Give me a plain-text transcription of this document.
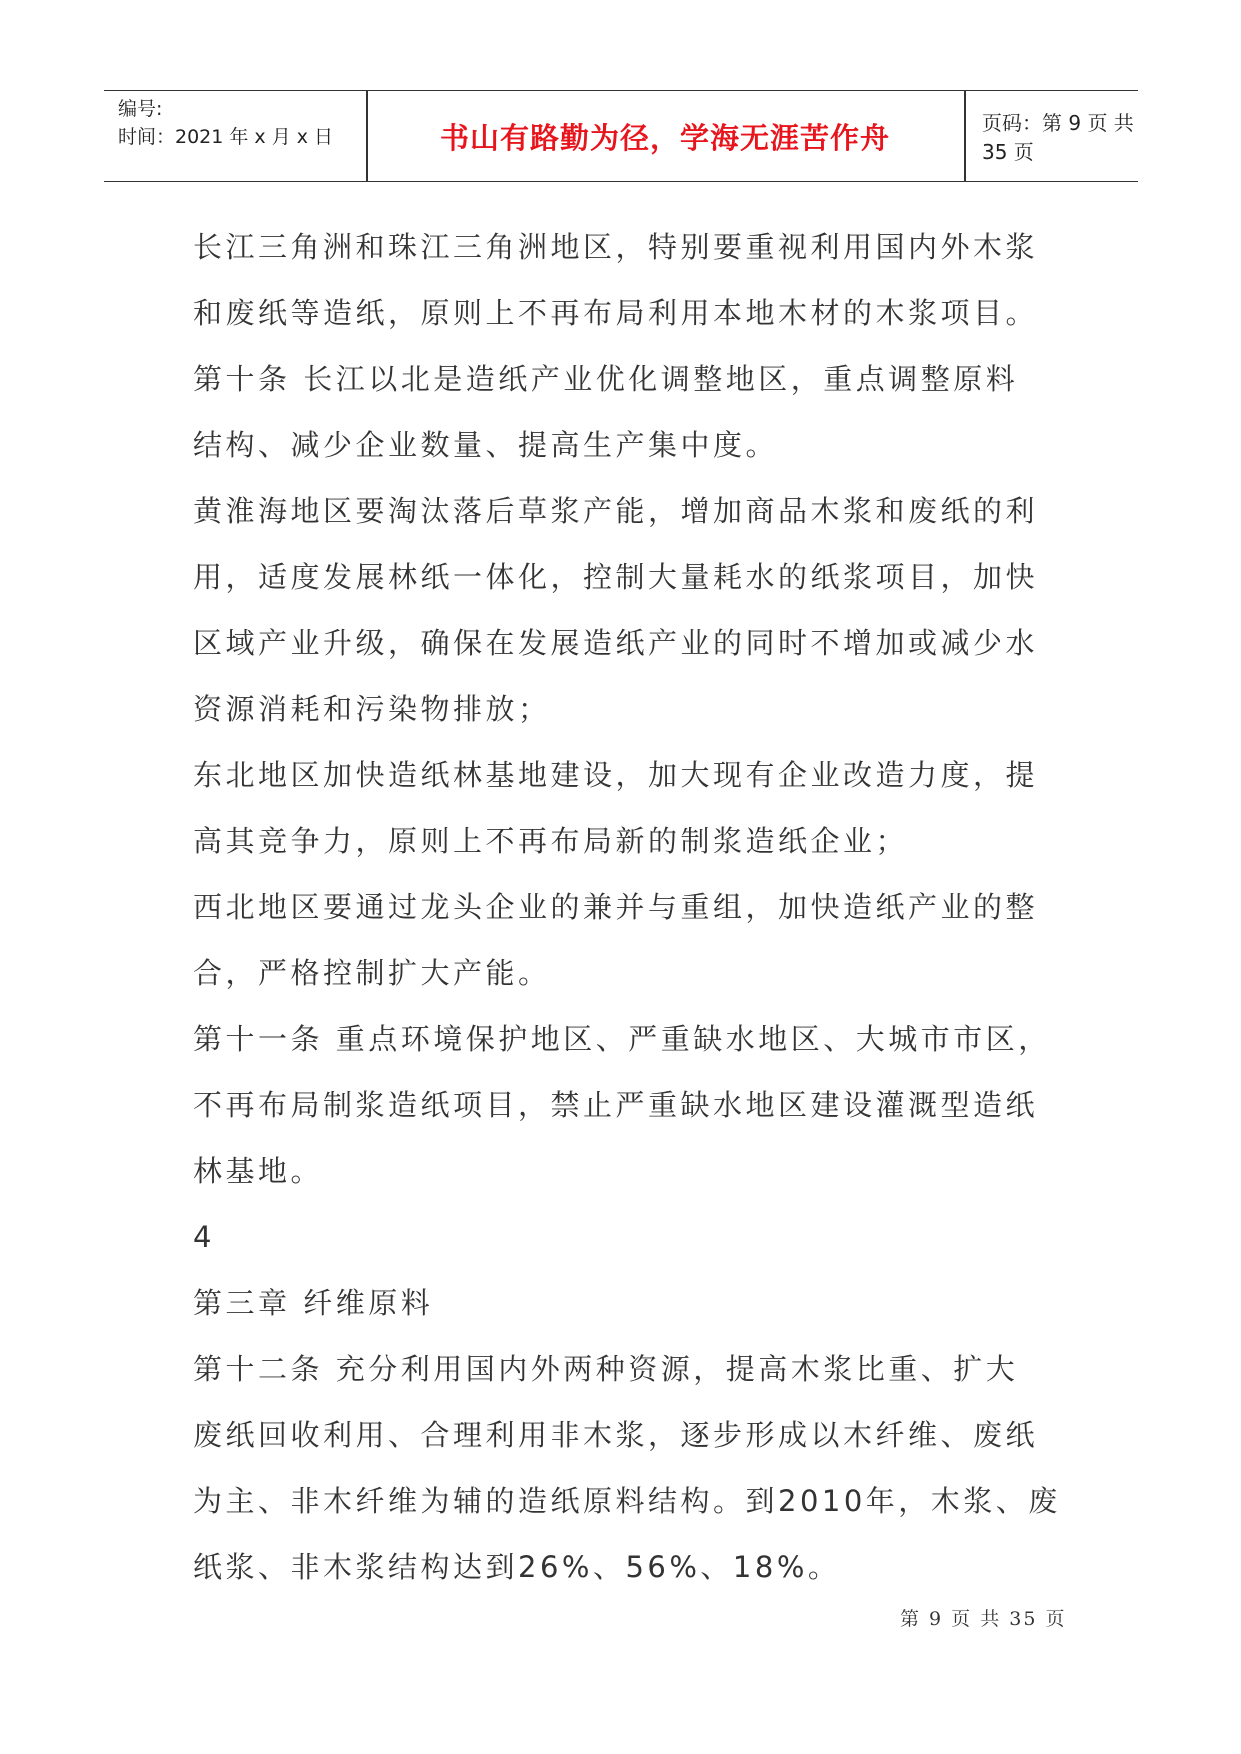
编号:
时间：2021 年 x 月 x 日	书山有路勤为径，学海无涯苦作舟	页码：第 9 页 共 35 页
长江三角洲和珠江三角洲地区，特别要重视利用国内外木浆
和废纸等造纸，原则上不再布局利用本地木材的木浆项目。
第十条 长江以北是造纸产业优化调整地区，重点调整原料
结构、减少企业数量、提高生产集中度。
黄淮海地区要淘汰落后草浆产能，增加商品木浆和废纸的利
用，适度发展林纸一体化，控制大量耗水的纸浆项目，加快
区域产业升级，确保在发展造纸产业的同时不增加或减少水
资源消耗和污染物排放；
东北地区加快造纸林基地建设，加大现有企业改造力度，提
高其竞争力，原则上不再布局新的制浆造纸企业；
西北地区要通过龙头企业的兼并与重组，加快造纸产业的整
合，严格控制扩大产能。
第十一条 重点环境保护地区、严重缺水地区、大城市市区，
不再布局制浆造纸项目，禁止严重缺水地区建设灌溉型造纸
林基地。
4
第三章 纤维原料
第十二条 充分利用国内外两种资源，提高木浆比重、扩大
废纸回收利用、合理利用非木浆，逐步形成以木纤维、废纸
为主、非木纤维为辅的造纸原料结构。到2010年，木浆、废
纸浆、非木浆结构达到26%、56%、18%。
第 9 页 共 35 页
